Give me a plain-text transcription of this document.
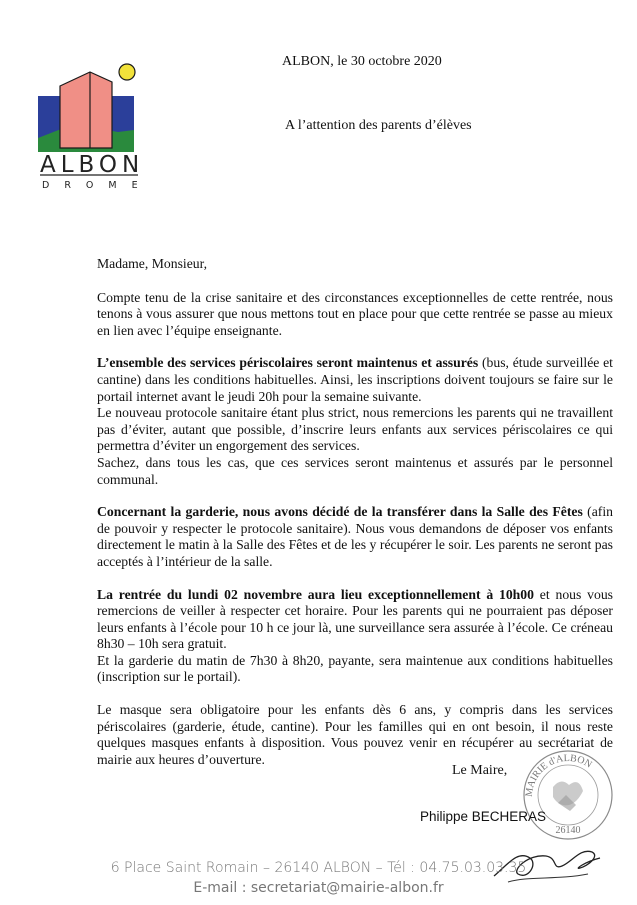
ALBON
DROME
ALBON, le 30 octobre 2020
A l’attention des parents d’élèves

Madame, Monsieur,

Compte tenu de la crise sanitaire et des circonstances exceptionnelles de cette rentrée, nous tenons à vous assurer que nous mettons tout en place pour que cette rentrée se passe au mieux en lien avec l’équipe enseignante.

L’ensemble des services périscolaires seront maintenus et assurés (bus, étude surveillée et cantine) dans les conditions habituelles. Ainsi, les inscriptions doivent toujours se faire sur le portail internet avant le jeudi 20h pour la semaine suivante.

Le nouveau protocole sanitaire étant plus strict, nous remercions les parents qui ne travaillent pas d’éviter, autant que possible, d’inscrire leurs enfants aux services périscolaires ce qui permettra d’éviter un engorgement des services.

Sachez, dans tous les cas, que ces services seront maintenus et assurés par le personnel communal.

Concernant la garderie, nous avons décidé de la transférer dans la Salle des Fêtes (afin de pouvoir y respecter le protocole sanitaire). Nous vous demandons de déposer vos enfants directement le matin à la Salle des Fêtes et de les y récupérer le soir. Les parents ne seront pas acceptés à l’intérieur de la salle.

La rentrée du lundi 02 novembre aura lieu exceptionnellement à 10h00 et nous vous remercions de veiller à respecter cet horaire. Pour les parents qui ne pourraient pas déposer leurs enfants à l’école pour 10 h ce jour là, une surveillance sera assurée à l’école. Ce créneau 8h30 – 10h sera gratuit.

Et la garderie du matin de 7h30 à 8h20, payante, sera maintenue aux conditions habituelles (inscription sur le portail).

Le masque sera obligatoire pour les enfants dès 6 ans, y compris dans les services périscolaires (garderie, étude, cantine). Pour les familles qui en ont besoin, il nous reste quelques masques enfants à disposition. Vous pouvez venir en récupérer au secrétariat de mairie aux heures d’ouverture.

MAIRIE d'ALBON
26140
Le Maire,
Philippe BECHERAS
6 Place Saint Romain – 26140 ALBON – Tél : 04.75.03.03.35
E-mail : secretariat@mairie-albon.fr
